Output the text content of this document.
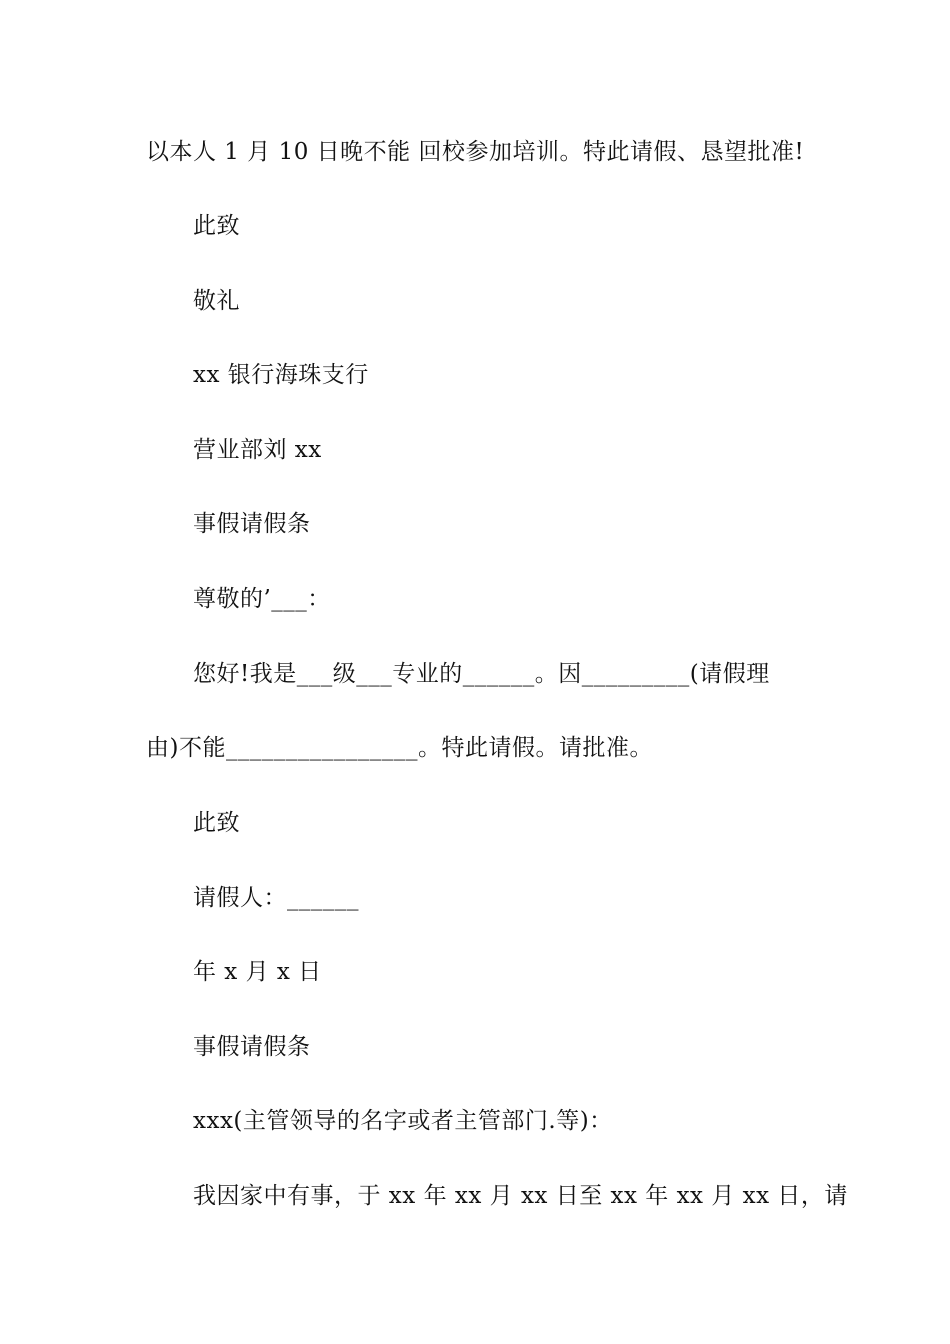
以本人 1 月 10 日晚不能 回校参加培训。特此请假、恳望批准!
此致
敬礼
xx 银行海珠支行
营业部刘 xx
事假请假条
尊敬的’___：
您好!我是___级___专业的______。因_________(请假理
由)不能________________。特此请假。请批准。
此致
请假人：______
年 x 月 x 日
事假请假条
xxx(主管领导的名字或者主管部门.等)：
我因家中有事，于 xx 年 xx 月 xx 日至 xx 年 xx 月 xx 日，请
